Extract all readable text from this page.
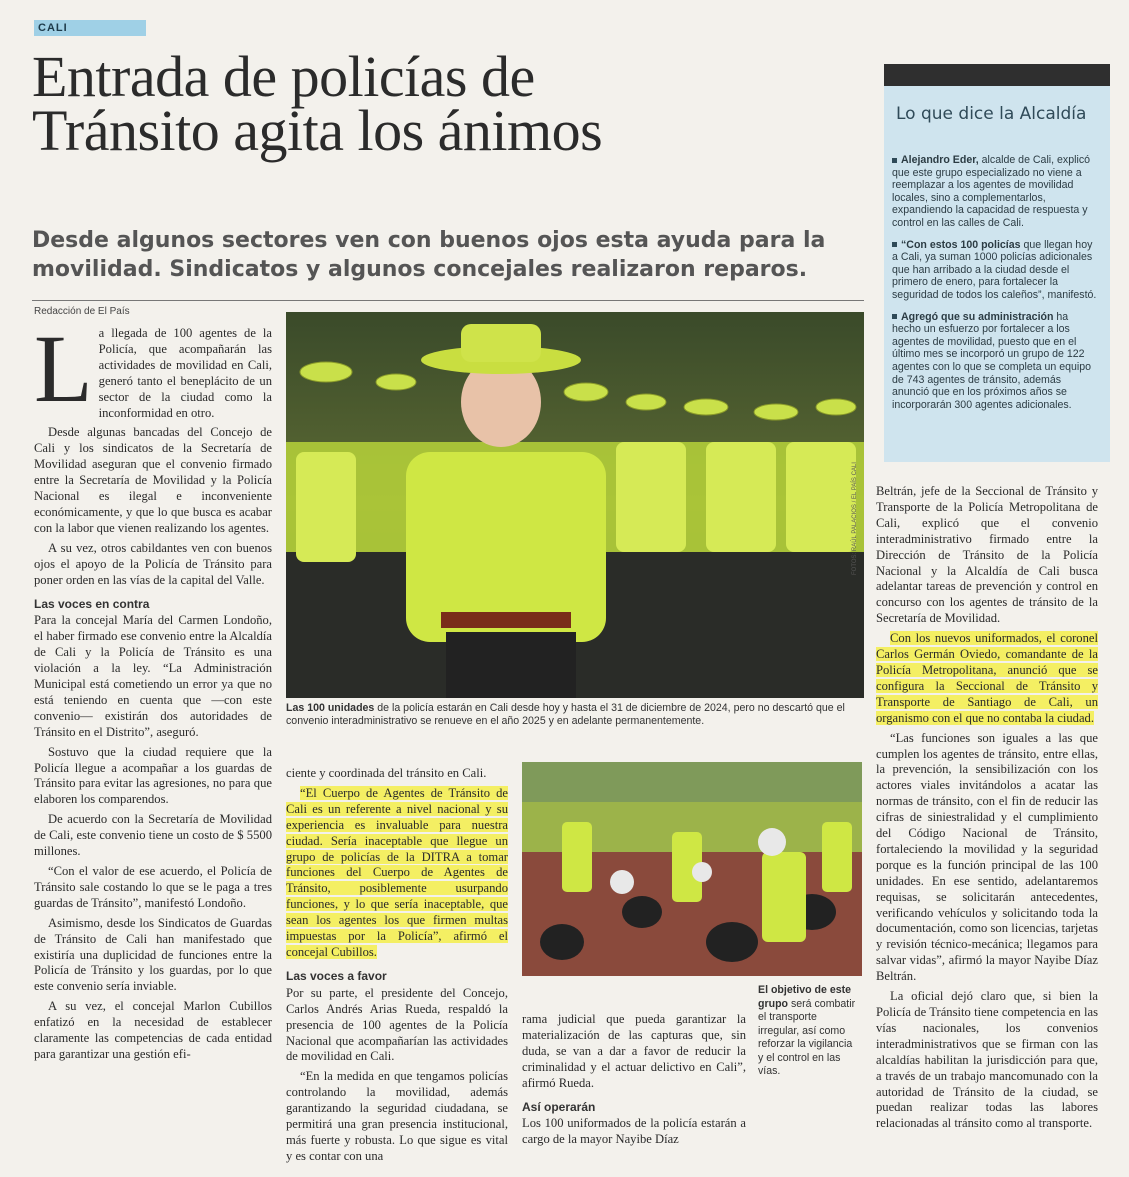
CALI
Entrada de policías de
Tránsito agita los ánimos
Desde algunos sectores ven con buenos ojos esta ayuda para la movilidad. Sindicatos y algunos concejales realizaron reparos.
Redacción de El País
Lo que dice la Alcaldía

Alejandro Eder, alcalde de Cali, explicó que este grupo especializado no viene a reemplazar a los agentes de movilidad locales, sino a complementarlos, expandiendo la capacidad de respuesta y control en las calles de Cali.

“Con estos 100 policías que llegan hoy a Cali, ya suman 1000 policías adicionales que han arribado a la ciudad desde el primero de enero, para fortalecer la seguridad de todos los caleños”, manifestó.

Agregó que su administración ha hecho un esfuerzo por fortalecer a los agentes de movilidad, puesto que en el último mes se incorporó un grupo de 122 agentes con lo que se completa un equipo de 743 agentes de tránsito, además anunció que en los próximos años se incorporarán 300 agentes adicionales.

L a llegada de 100 agentes de la Policía, que acompañarán las actividades de movilidad en Cali, generó tanto el beneplácito de un sector de la ciudad como la inconformidad en otro.

Desde algunas bancadas del Concejo de Cali y los sindicatos de la Secretaría de Movilidad aseguran que el convenio firmado entre la Secretaría de Movilidad y la Policía Nacional es ilegal e inconveniente económicamente, y que lo que busca es acabar con la labor que vienen realizando los agentes.

A su vez, otros cabildantes ven con buenos ojos el apoyo de la Policía de Tránsito para poner orden en las vías de la capital del Valle.

Las voces en contra

Para la concejal María del Carmen Londoño, el haber firmado ese convenio entre la Alcaldía de Cali y la Policía de Tránsito es una violación a la ley. “La Administración Municipal está cometiendo un error ya que no está teniendo en cuenta que —con este convenio— existirán dos autoridades de Tránsito en el Distrito”, aseguró.

Sostuvo que la ciudad requiere que la Policía llegue a acompañar a los guardas de Tránsito para evitar las agresiones, no para que elaboren los comparendos.

De acuerdo con la Secretaría de Movilidad de Cali, este convenio tiene un costo de $ 5500 millones.

“Con el valor de ese acuerdo, el Policía de Tránsito sale costando lo que se le paga a tres guardas de Tránsito”, manifestó Londoño.

Asimismo, desde los Sindicatos de Guardas de Tránsito de Cali han manifestado que existiría una duplicidad de funciones entre la Policía de Tránsito y los guardas, por lo que este convenio sería inviable.

A su vez, el concejal Marlon Cubillos enfatizó en la necesidad de establecer claramente las competencias de cada entidad para garantizar una gestión efi-

FOTOS: RAÚL PALACIOS / EL PAÍS CALI
Las 100 unidades de la policía estarán en Cali desde hoy y hasta el 31 de diciembre de 2024, pero no descartó que el convenio interadministrativo se renueve en el año 2025 y en adelante permanentemente.

ciente y coordinada del tránsito en Cali.

“El Cuerpo de Agentes de Tránsito de Cali es un referente a nivel nacional y su experiencia es invaluable para nuestra ciudad. Sería inaceptable que llegue un grupo de policías de la DITRA a tomar funciones del Cuerpo de Agentes de Tránsito, posiblemente usurpando funciones, y lo que sería inaceptable, que sean los agentes los que firmen multas impuestas por la Policía”, afirmó el concejal Cubillos.

Las voces a favor

Por su parte, el presidente del Concejo, Carlos Andrés Arias Rueda, respaldó la presencia de 100 agentes de la Policía Nacional que acompañarían las actividades de movilidad en Cali.

“En la medida en que tengamos policías controlando la movilidad, además garantizando la seguridad ciudadana, se permitirá una gran presencia institucional, más fuerte y robusta. Lo que sigue es vital y es contar con una

El objetivo de este grupo será combatir el transporte irregular, así como reforzar la vigilancia y el control en las vías.

rama judicial que pueda garantizar la materialización de las capturas que, sin duda, se van a dar a favor de reducir la criminalidad y el actuar delictivo en Cali”, afirmó Rueda.

Así operarán

Los 100 uniformados de la policía estarán a cargo de la mayor Nayibe Díaz

Beltrán, jefe de la Seccional de Tránsito y Transporte de la Policía Metropolitana de Cali, explicó que el convenio interadministrativo firmado entre la Dirección de Tránsito de la Policía Nacional y la Alcaldía de Cali busca adelantar tareas de prevención y control en concurso con los agentes de tránsito de la Secretaría de Movilidad.

Con los nuevos uniformados, el coronel Carlos Germán Oviedo, comandante de la Policía Metropolitana, anunció que se configura la Seccional de Tránsito y Transporte de Santiago de Cali, un organismo con el que no contaba la ciudad.

“Las funciones son iguales a las que cumplen los agentes de tránsito, entre ellas, la prevención, la sensibilización con los actores viales invitándolos a acatar las normas de tránsito, con el fin de reducir las cifras de siniestralidad y el cumplimiento del Código Nacional de Tránsito, fortaleciendo la movilidad y la seguridad porque es la función principal de las 100 unidades. En ese sentido, adelantaremos requisas, se solicitarán antecedentes, verificando vehículos y solicitando toda la documentación, como son licencias, tarjetas y revisión técnico-mecánica; llegamos para salvar vidas”, afirmó la mayor Nayibe Díaz Beltrán.

La oficial dejó claro que, si bien la Policía de Tránsito tiene competencia en las vías nacionales, los convenios interadministrativos que se firman con las alcaldías habilitan la jurisdicción para que, a través de un trabajo mancomunado con la autoridad de Tránsito de la ciudad, se puedan realizar todas las labores relacionadas al tránsito como al transporte.
